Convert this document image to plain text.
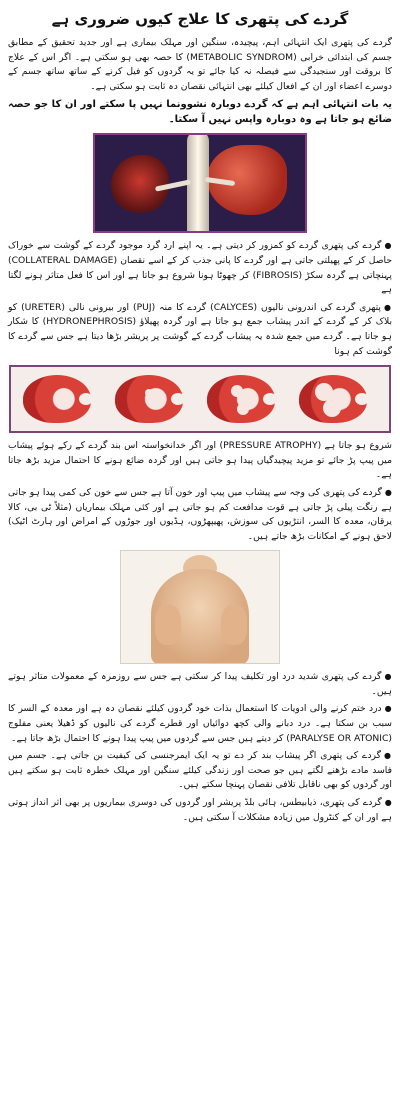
گردے کی پتھری کا علاج کیوں ضروری ہے

گردے کی پتھری ایک انتہائی اہم، پیچیدہ، سنگین اور مہلک بیماری ہے اور جدید تحقیق کے مطابق جسم کی ابتدائی خرابی (METABOLIC SYNDROM) کا حصہ بھی ہو سکتی ہے۔ اگر اس کے علاج کا بروقت اور سنجیدگی سے فیصلہ نہ کیا جائے تو یہ گردوں کو فیل کرنے کے ساتھ ساتھ جسم کے دوسرے اعضاء اور ان کے افعال کیلئے بھی انتہائی نقصان دہ ثابت ہو سکتی ہے۔

یہ بات انتہائی اہم ہے کہ گردے دوبارہ نشوونما نہیں پا سکتے اور ان کا جو حصہ ضائع ہو جاتا ہے وہ دوبارہ واپس نہیں آ سکتا۔

● گردے کی پتھری گردے کو کمزور کر دیتی ہے۔ یہ اپنے ارد گرد موجود گردے کے گوشت سے خوراک حاصل کر کے پھیلتی جاتی ہے اور گردے کا پانی جذب کر کے اسے نقصان (COLLATERAL DAMAGE) پہنچاتی ہے گردہ سکڑ (FIBROSIS) کر چھوٹا ہونا شروع ہو جاتا ہے اور اس کا فعل متاثر ہونے لگتا ہے

● پتھری گردے کی اندرونی نالیوں (CALYCES) گردے کا منہ (PUJ) اور بیرونی نالی (URETER) کو بلاک کر کے گردے کے اندر پیشاب جمع ہو جاتا ہے اور گردہ پھیلاؤ (HYDRONEPHROSIS) کا شکار ہو جاتا ہے۔ گردے میں جمع شدہ یہ پیشاب گردے کے گوشت پر پریشر بڑھا دیتا ہے جس سے گردے کا گوشت کم ہونا

شروع ہو جاتا ہے (PRESSURE ATROPHY) اور اگر خدانخواستہ اس بند گردے کے رکے ہوئے پیشاب میں پیپ پڑ جائے تو مزید پیچیدگیاں پیدا ہو جاتی ہیں اور گردہ ضائع ہونے کا احتمال مزید بڑھ جاتا ہے۔

● گردے کی پتھری کی وجہ سے پیشاب میں پیپ اور خون آتا ہے جس سے خون کی کمی پیدا ہو جاتی ہے رنگت پیلی پڑ جاتی ہے قوت مدافعت کم ہو جاتی ہے اور کئی مہلک بیماریاں (مثلاً ٹی بی، کالا یرقان، معدہ کا السر، انتڑیوں کی سوزش، پھیپھڑوں، ہڈیوں اور جوڑوں کے امراض اور ہارٹ اٹیک) لاحق ہونے کے امکانات بڑھ جاتے ہیں۔

● گردے کی پتھری شدید درد اور تکلیف پیدا کر سکتی ہے جس سے روزمرہ کے معمولات متاثر ہوتے ہیں۔

● درد ختم کرنے والی ادویات کا استعمال بذات خود گردوں کیلئے نقصان دہ ہے اور معدہ کے السر کا سبب بن سکتا ہے۔ درد دبانے والی کچھ دوائیاں اور قطرے گردے کی نالیوں کو ڈھیلا یعنی مفلوج (PARALYSE OR ATONIC) کر دیتے ہیں جس سے گردوں میں پیپ پیدا ہونے کا احتمال بڑھ جاتا ہے۔

● گردے کی پتھری اگر پیشاب بند کر دے تو یہ ایک ایمرجنسی کی کیفیت بن جاتی ہے۔ جسم میں فاسد مادے بڑھنے لگتے ہیں جو صحت اور زندگی کیلئے سنگین اور مہلک خطرہ ثابت ہو سکتے ہیں اور گردوں کو بھی ناقابل تلافی نقصان پہنچا سکتے ہیں۔

● گردے کی پتھری، ذیابیطس، ہائی بلڈ پریشر اور گردوں کی دوسری بیماریوں پر بھی اثر انداز ہوتی ہے اور ان کے کنٹرول میں زیادہ مشکلات آ سکتی ہیں۔
